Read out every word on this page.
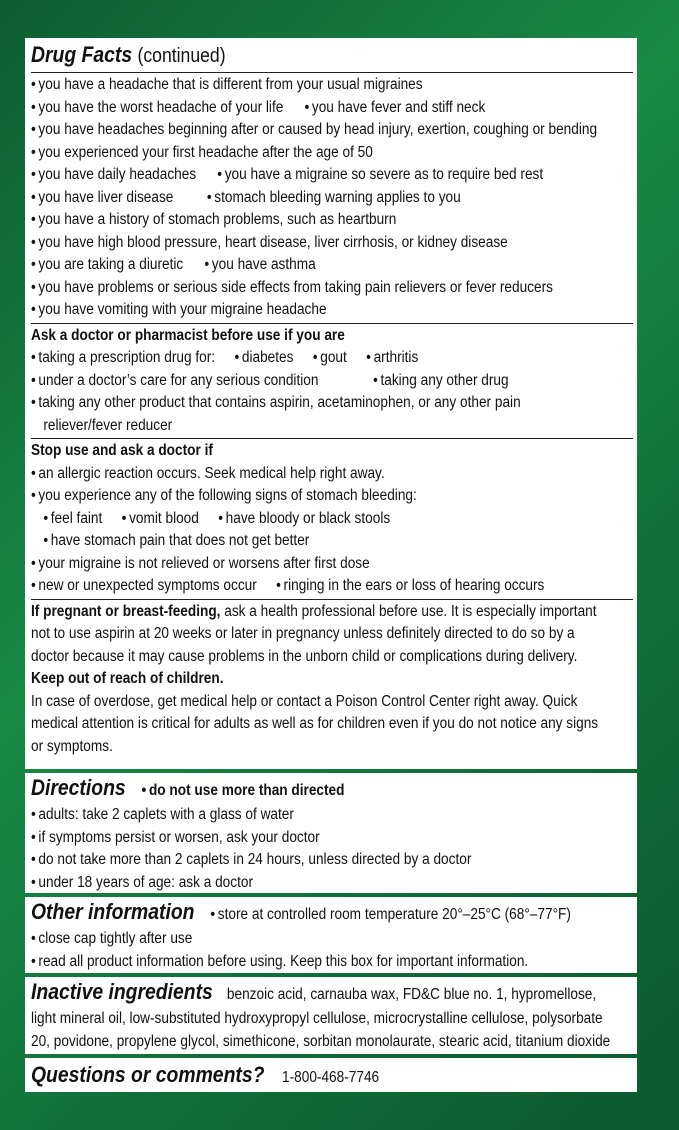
Drug Facts (continued)
• you have a headache that is different from your usual migraines
• you have the worst headache of your life • you have fever and stiff neck
• you have headaches beginning after or caused by head injury, exertion, coughing or bending
• you experienced your first headache after the age of 50
• you have daily headaches • you have a migraine so severe as to require bed rest
• you have liver disease • stomach bleeding warning applies to you
• you have a history of stomach problems, such as heartburn
• you have high blood pressure, heart disease, liver cirrhosis, or kidney disease
• you are taking a diuretic • you have asthma
• you have problems or serious side effects from taking pain relievers or fever reducers
• you have vomiting with your migraine headache
Ask a doctor or pharmacist before use if you are
• taking a prescription drug for: • diabetes • gout • arthritis
• under a doctor’s care for any serious condition	• taking any other drug
• taking any other product that contains aspirin, acetaminophen, or any other pain
reliever/fever reducer
Stop use and ask a doctor if
• an allergic reaction occurs. Seek medical help right away.
• you experience any of the following signs of stomach bleeding:
• feel faint • vomit blood • have bloody or black stools
• have stomach pain that does not get better
• your migraine is not relieved or worsens after first dose
• new or unexpected symptoms occur • ringing in the ears or loss of hearing occurs
If pregnant or breast-feeding, ask a health professional before use. It is especially important
not to use aspirin at 20 weeks or later in pregnancy unless definitely directed to do so by a
doctor because it may cause problems in the unborn child or complications during delivery.
Keep out of reach of children.
In case of overdose, get medical help or contact a Poison Control Center right away. Quick
medical attention is critical for adults as well as for children even if you do not notice any signs
or symptoms.
Directions • do not use more than directed
• adults: take 2 caplets with a glass of water
• if symptoms persist or worsen, ask your doctor
• do not take more than 2 caplets in 24 hours, unless directed by a doctor
• under 18 years of age: ask a doctor
Other information • store at controlled room temperature 20°–25°C (68°–77°F)
• close cap tightly after use
• read all product information before using. Keep this box for important information.
Inactive ingredients benzoic acid, carnauba wax, FD&C blue no. 1, hypromellose,
light mineral oil, low-substituted hydroxypropyl cellulose, microcrystalline cellulose, polysorbate
20, povidone, propylene glycol, simethicone, sorbitan monolaurate, stearic acid, titanium dioxide
Questions or comments? 1-800-468-7746
